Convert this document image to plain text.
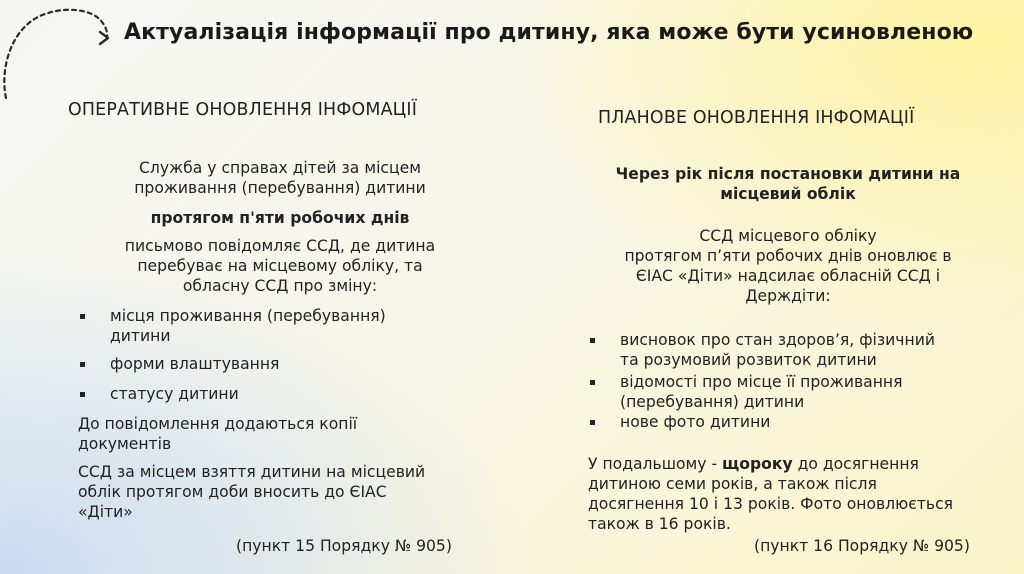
Актуалізація інформації про дитину, яка може бути усиновленою
ОПЕРАТИВНЕ ОНОВЛЕННЯ ІНФОМАЦІЇ
Служба у справах дітей за місцем
проживання (перебування) дитини
протягом п'яти робочих днів
письмово повідомляє ССД, де дитина
перебуває на місцевому обліку, та
обласну ССД про зміну:
місця проживання (перебування)
дитини
форми влаштування
статусу дитини
До повідомлення додаються копії
документів
ССД за місцем взяття дитини на місцевий
облік протягом доби вносить до ЄІАС
«Діти»
(пункт 15 Порядку № 905)
ПЛАНОВЕ ОНОВЛЕННЯ ІНФОМАЦІЇ
Через рік після постановки дитини на
місцевий облік
ССД місцевого обліку
протягом п’яти робочих днів оновлює в
ЄІАС «Діти» надсилає обласній ССД і
Держдіти:
висновок про стан здоров’я, фізичний
та розумовий розвиток дитини
відомості про місце її проживання
(перебування) дитини
нове фото дитини
У подальшому - щороку до досягнення
дитиною семи років, а також після
досягнення 10 і 13 років. Фото оновлюється
також в 16 років.
(пункт 16 Порядку № 905)
